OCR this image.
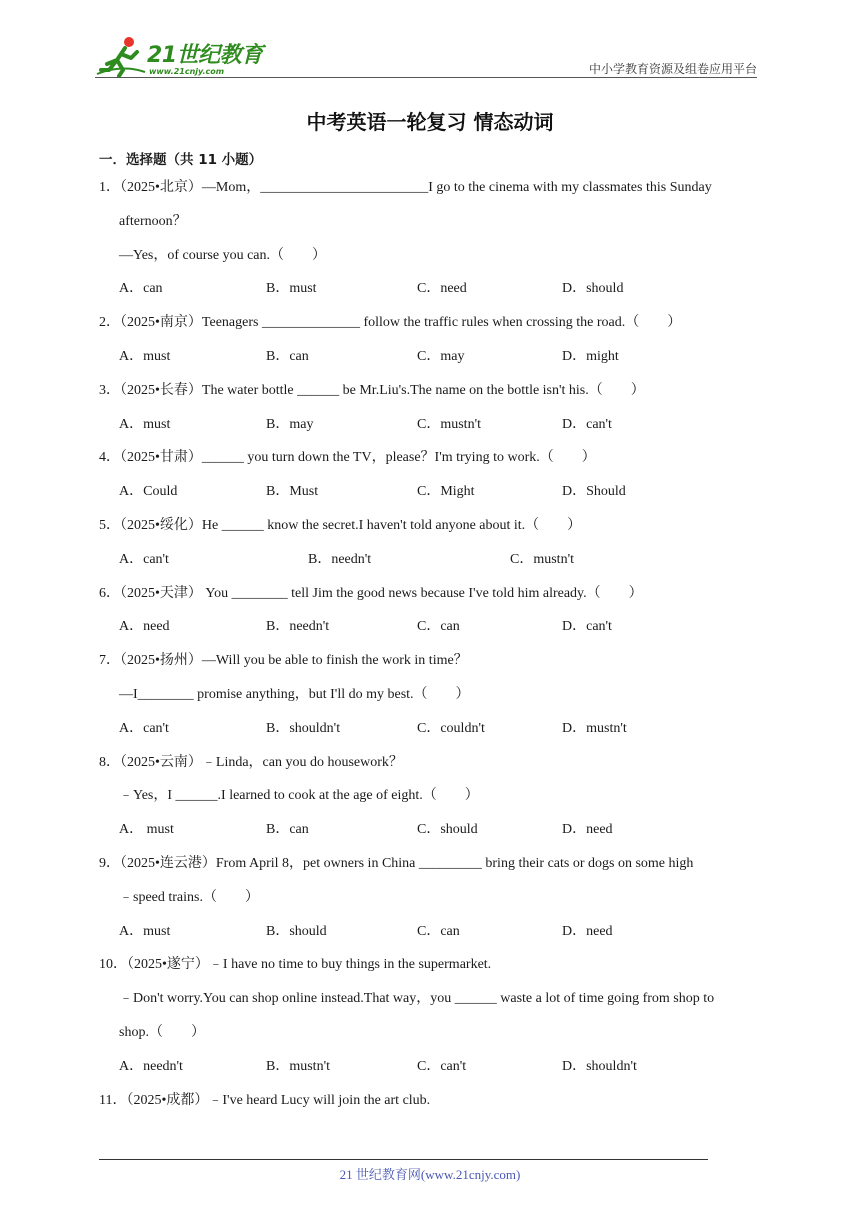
21世纪教育
www.21cnjy.com	中小学教育资源及组卷应用平台
中考英语一轮复习 情态动词
一．选择题（共 11 小题）
1．（2025•北京）—Mom，________________________I go to the cinema with my classmates this Sunday
afternoon？
—Yes，of course you can.（　　）
A．can	B．must	C．need	D．should
2．（2025•南京）Teenagers ______________ follow the traffic rules when crossing the road.（　　）
A．must	B．can	C．may	D．might
3．（2025•长春）The water bottle ______ be Mr.Liu's.The name on the bottle isn't his.（　　）
A．must	B．may	C．mustn't	D．can't
4．（2025•甘肃）______ you turn down the TV，please？I'm trying to work.（　　）
A．Could	B．Must	C．Might	D．Should
5．（2025•绥化）He ______ know the secret.I haven't told anyone about it.（　　）
A．can't	B．needn't	C．mustn't
6．（2025•天津） You ________ tell Jim the good news because I've told him already.（　　）
A．need	B．needn't	C．can	D．can't
7．（2025•扬州）—Will you be able to finish the work in time？
—I________ promise anything，but I'll do my best.（　　）
A．can't	B．shouldn't	C．couldn't	D．mustn't
8．（2025•云南）﹣Linda，can you do housework？
﹣Yes，I ______.I learned to cook at the age of eight.（　　）
A． must	B．can	C．should	D．need
9．（2025•连云港）From April 8，pet owners in China _________ bring their cats or dogs on some high
﹣speed trains.（　　）
A．must	B．should	C．can	D．need
10．（2025•遂宁）﹣I have no time to buy things in the supermarket.
﹣Don't worry.You can shop online instead.That way，you ______ waste a lot of time going from shop to
shop.（　　）
A．needn't	B．mustn't	C．can't	D．shouldn't
11．（2025•成都）﹣I've heard Lucy will join the art club.
21 世纪教育网(www.21cnjy.com)
